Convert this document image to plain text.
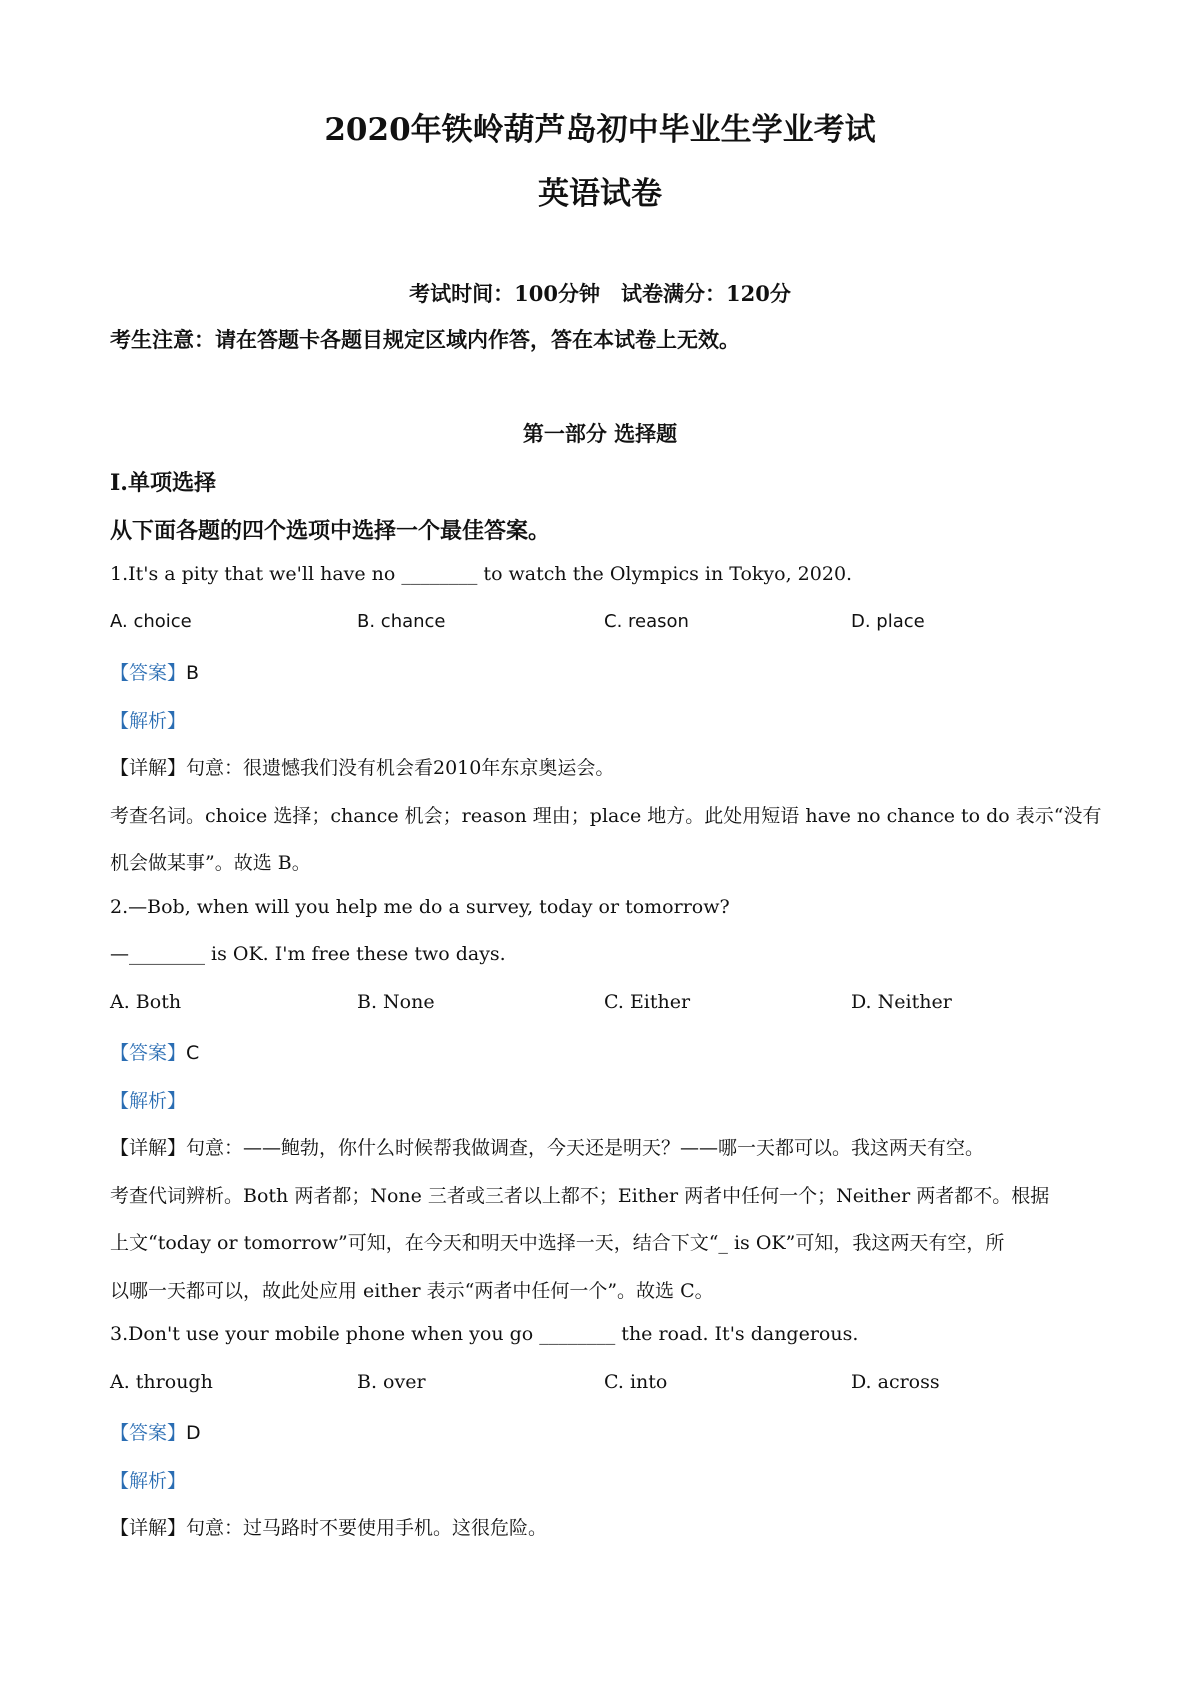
2020年铁岭葫芦岛初中毕业生学业考试
英语试卷
考试时间：100分钟　试卷满分：120分
考生注意：请在答题卡各题目规定区域内作答，答在本试卷上无效。
第一部分 选择题
I.单项选择
从下面各题的四个选项中选择一个最佳答案。
1.It's a pity that we'll have no ________ to watch the Olympics in Tokyo, 2020.
A. choice	B. chance	C. reason	D. place
【答案】B
【解析】
【详解】句意：很遗憾我们没有机会看2010年东京奥运会。
考查名词。choice 选择；chance 机会；reason 理由；place 地方。此处用短语 have no chance to do 表示“没有
机会做某事”。故选 B。
2.—Bob, when will you help me do a survey, today or tomorrow?
—________ is OK. I'm free these two days.
A. Both	B. None	C. Either	D. Neither
【答案】C
【解析】
【详解】句意：——鲍勃，你什么时候帮我做调查，今天还是明天？——哪一天都可以。我这两天有空。
考查代词辨析。Both 两者都；None 三者或三者以上都不；Either 两者中任何一个；Neither 两者都不。根据
上文“today or tomorrow”可知，在今天和明天中选择一天，结合下文“_ is OK”可知，我这两天有空，所
以哪一天都可以，故此处应用 either 表示“两者中任何一个”。故选 C。
3.Don't use your mobile phone when you go ________ the road. It's dangerous.
A. through	B. over	C. into	D. across
【答案】D
【解析】
【详解】句意：过马路时不要使用手机。这很危险。
